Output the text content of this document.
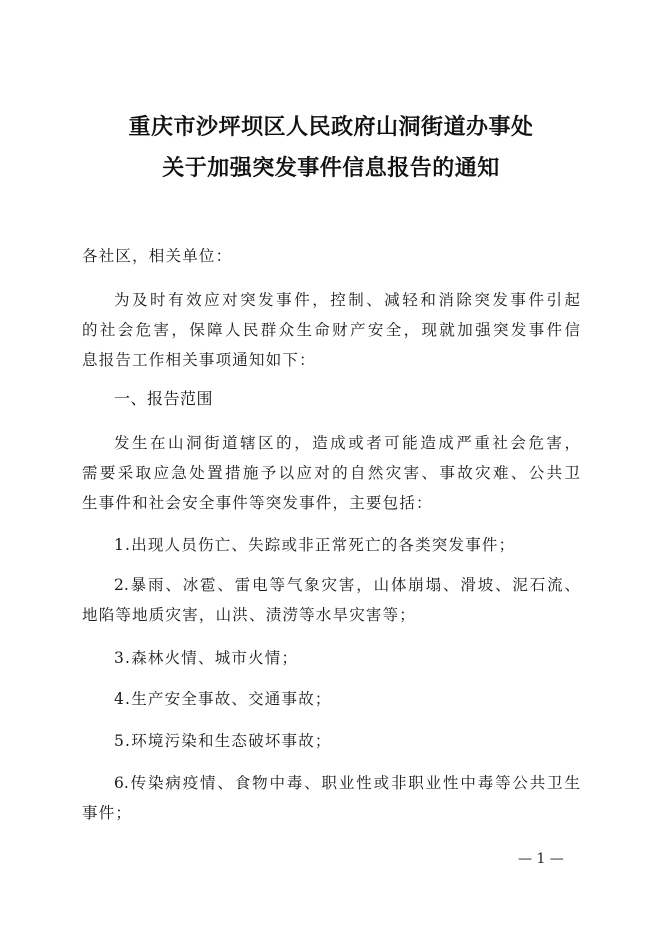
重庆市沙坪坝区人民政府山洞街道办事处
关于加强突发事件信息报告的通知
各社区，相关单位：
为及时有效应对突发事件，控制、减轻和消除突发事件引起
的社会危害，保障人民群众生命财产安全，现就加强突发事件信
息报告工作相关事项通知如下：
一、报告范围
发生在山洞街道辖区的，造成或者可能造成严重社会危害，
需要采取应急处置措施予以应对的自然灾害、事故灾难、公共卫
生事件和社会安全事件等突发事件，主要包括：
1.出现人员伤亡、失踪或非正常死亡的各类突发事件；
2.暴雨、冰雹、雷电等气象灾害，山体崩塌、滑坡、泥石流、
地陷等地质灾害，山洪、渍涝等水旱灾害等；
3.森林火情、城市火情；
4.生产安全事故、交通事故；
5.环境污染和生态破坏事故；
6.传染病疫情、食物中毒、职业性或非职业性中毒等公共卫生
事件；
— 1 —
